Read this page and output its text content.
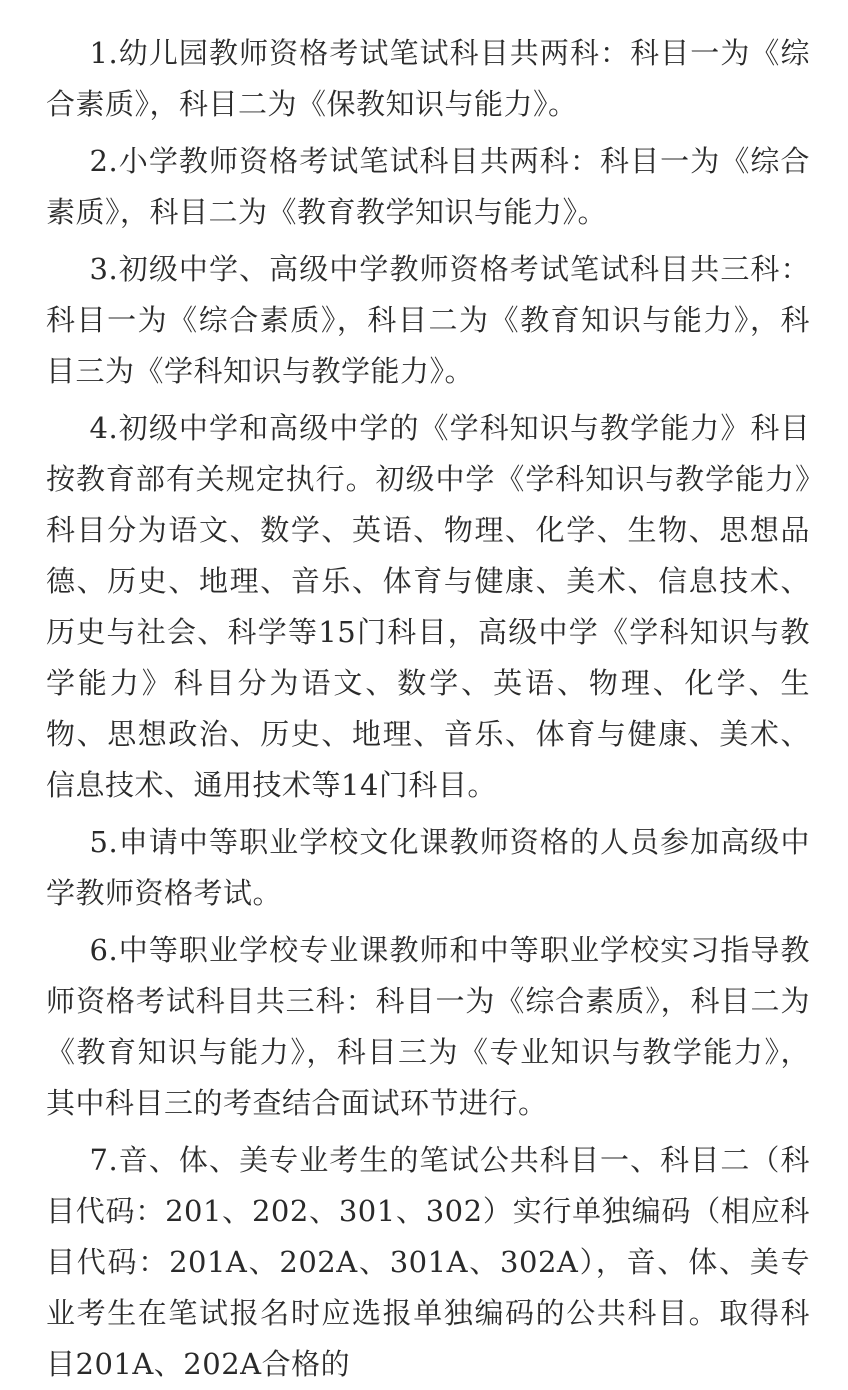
1.幼儿园教师资格考试笔试科目共两科：科目一为《综合素质》，科目二为《保教知识与能力》。

2.小学教师资格考试笔试科目共两科：科目一为《综合素质》，科目二为《教育教学知识与能力》。

3.初级中学、高级中学教师资格考试笔试科目共三科：科目一为《综合素质》，科目二为《教育知识与能力》，科目三为《学科知识与教学能力》。

4.初级中学和高级中学的《学科知识与教学能力》科目按教育部有关规定执行。初级中学《学科知识与教学能力》科目分为语文、数学、英语、物理、化学、生物、思想品德、历史、地理、音乐、体育与健康、美术、信息技术、历史与社会、科学等15门科目，高级中学《学科知识与教学能力》科目分为语文、数学、英语、物理、化学、生物、思想政治、历史、地理、音乐、体育与健康、美术、信息技术、通用技术等14门科目。

5.申请中等职业学校文化课教师资格的人员参加高级中学教师资格考试。

6.中等职业学校专业课教师和中等职业学校实习指导教师资格考试科目共三科：科目一为《综合素质》，科目二为《教育知识与能力》，科目三为《专业知识与教学能力》，其中科目三的考查结合面试环节进行。

7.音、体、美专业考生的笔试公共科目一、科目二（科目代码：201、202、301、302）实行单独编码（相应科目代码：201A、202A、301A、302A），音、体、美专业考生在笔试报名时应选报单独编码的公共科目。取得科目201A、202A合格的
